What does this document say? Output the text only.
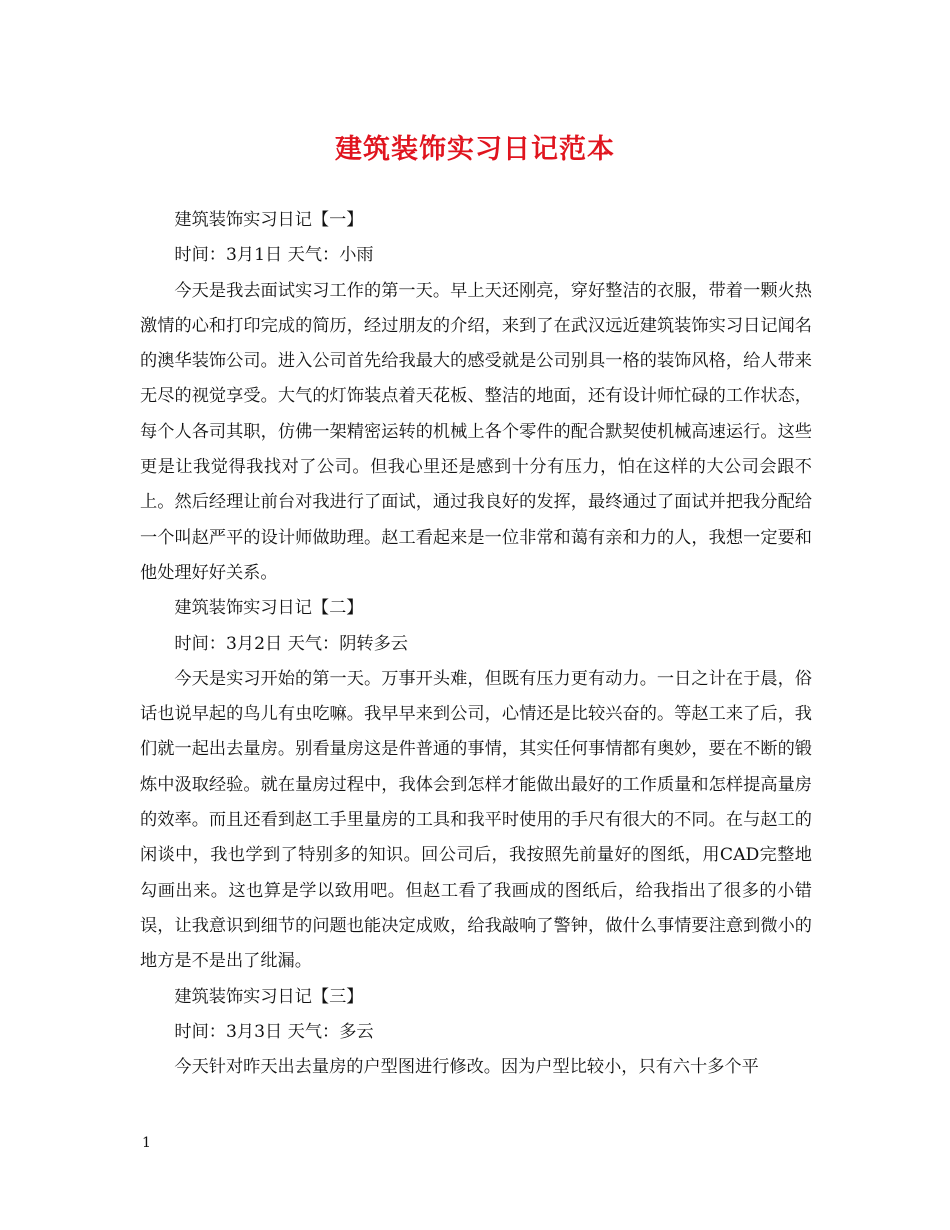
建筑装饰实习日记范本

建筑装饰实习日记【一】

时间：3月1日 天气：小雨

今天是我去面试实习工作的第一天。早上天还刚亮，穿好整洁的衣服，带着一颗火热激情的心和打印完成的简历，经过朋友的介绍，来到了在武汉远近建筑装饰实习日记闻名的澳华装饰公司。进入公司首先给我最大的感受就是公司别具一格的装饰风格，给人带来无尽的视觉享受。大气的灯饰装点着天花板、整洁的地面，还有设计师忙碌的工作状态，每个人各司其职，仿佛一架精密运转的机械上各个零件的配合默契使机械高速运行。这些更是让我觉得我找对了公司。但我心里还是感到十分有压力，怕在这样的大公司会跟不上。然后经理让前台对我进行了面试，通过我良好的发挥，最终通过了面试并把我分配给一个叫赵严平的设计师做助理。赵工看起来是一位非常和蔼有亲和力的人，我想一定要和他处理好好关系。

建筑装饰实习日记【二】

时间：3月2日 天气：阴转多云

今天是实习开始的第一天。万事开头难，但既有压力更有动力。一日之计在于晨，俗话也说早起的鸟儿有虫吃嘛。我早早来到公司，心情还是比较兴奋的。等赵工来了后，我们就一起出去量房。别看量房这是件普通的事情，其实任何事情都有奥妙，要在不断的锻炼中汲取经验。就在量房过程中，我体会到怎样才能做出最好的工作质量和怎样提高量房的效率。而且还看到赵工手里量房的工具和我平时使用的手尺有很大的不同。在与赵工的闲谈中，我也学到了特别多的知识。回公司后，我按照先前量好的图纸，用CAD完整地勾画出来。这也算是学以致用吧。但赵工看了我画成的图纸后，给我指出了很多的小错误，让我意识到细节的问题也能决定成败，给我敲响了警钟，做什么事情要注意到微小的地方是不是出了纰漏。

建筑装饰实习日记【三】

时间：3月3日 天气：多云

今天针对昨天出去量房的户型图进行修改。因为户型比较小，只有六十多个平

1
